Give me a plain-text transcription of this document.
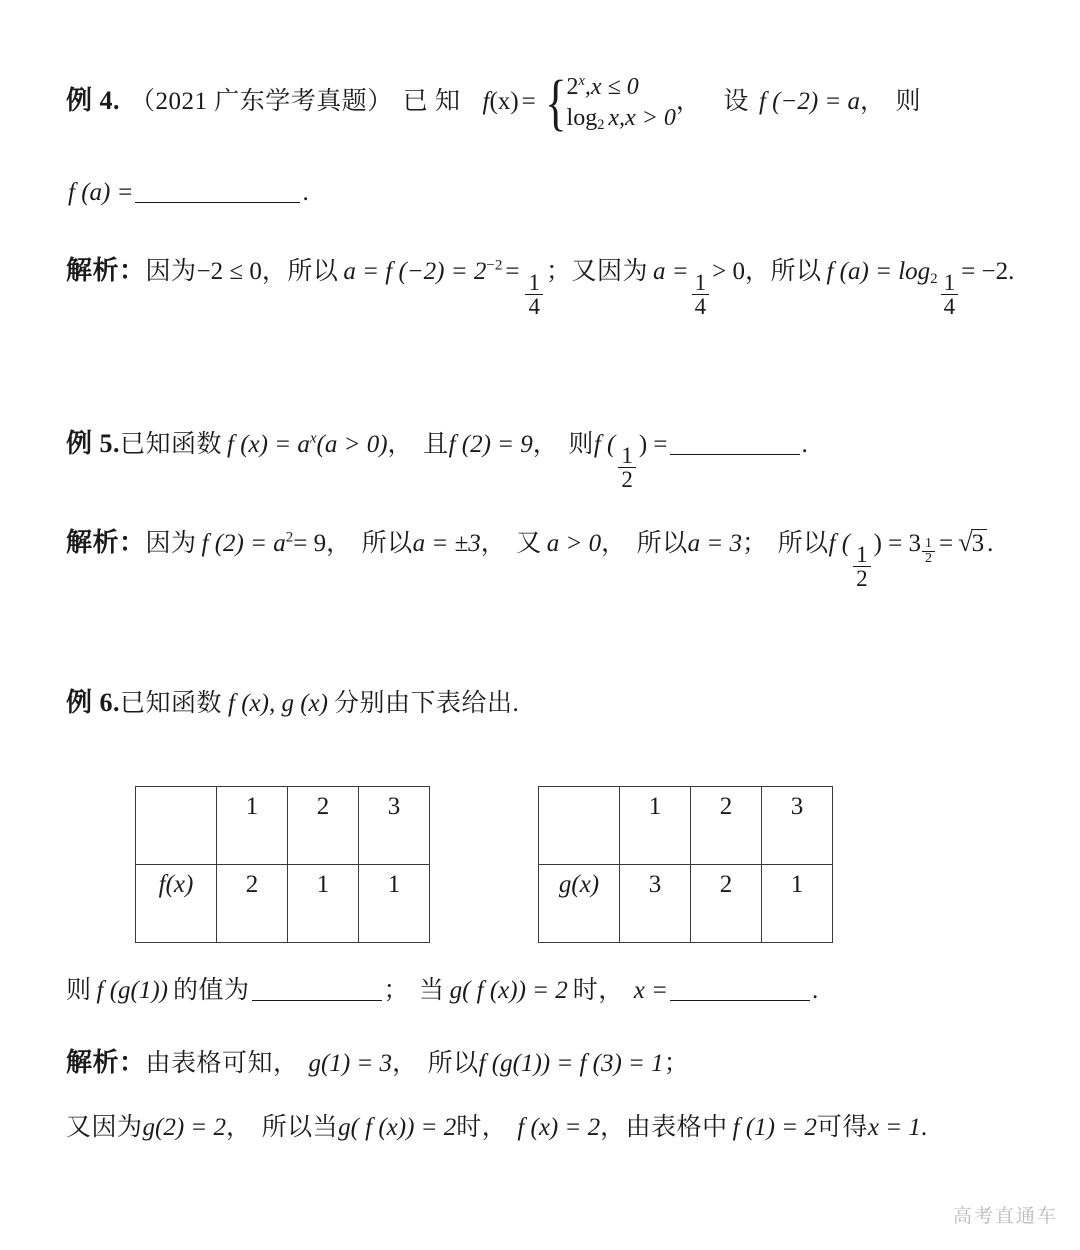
例 4. （2021 广东学考真题） 已 知 f(x) = { $2^x,x \le 0$
$\log_2 x,x > 0$
， 设 f (−2) = a， 则
f (a) =	.
解析：因为−2 ≤ 0，所以 a = f $(-2) = 2^{-2} = \frac{1}{4}$ ；又因为 $a = \frac{1}{4} > 0$，所以 f $(a) = \log_2 \frac{1}{4} = -2$.
例 5.已知函数 f $(x) = a^x(a > 0)$， 且f (2) = 9， 则f ( $\frac{1}{2}$ ) =	.
解析：因为 f $(2) = a^2= 9$， 所以a = ±3， 又 a > 0， 所以a = 3； 所以f ( $\frac{1}{2}$ ) = $3 \frac{1}{2} = √3$ .
例 6.已知函数 f (x), g (x) 分别由下表给出.
	1	2	3
f(x)	2	1	1
	1	2	3
g(x)	3	2	1
则 f (g(1)) 的值为	； 当 g( f (x)) = 2 时， x =	.
解析：由表格可知， g(1) = 3， 所以f (g(1)) = f (3) = 1；
又因为g(2) = 2， 所以当g( f (x)) = 2时， f (x) = 2，由表格中 f (1) = 2可得x = 1.
高考直通车
